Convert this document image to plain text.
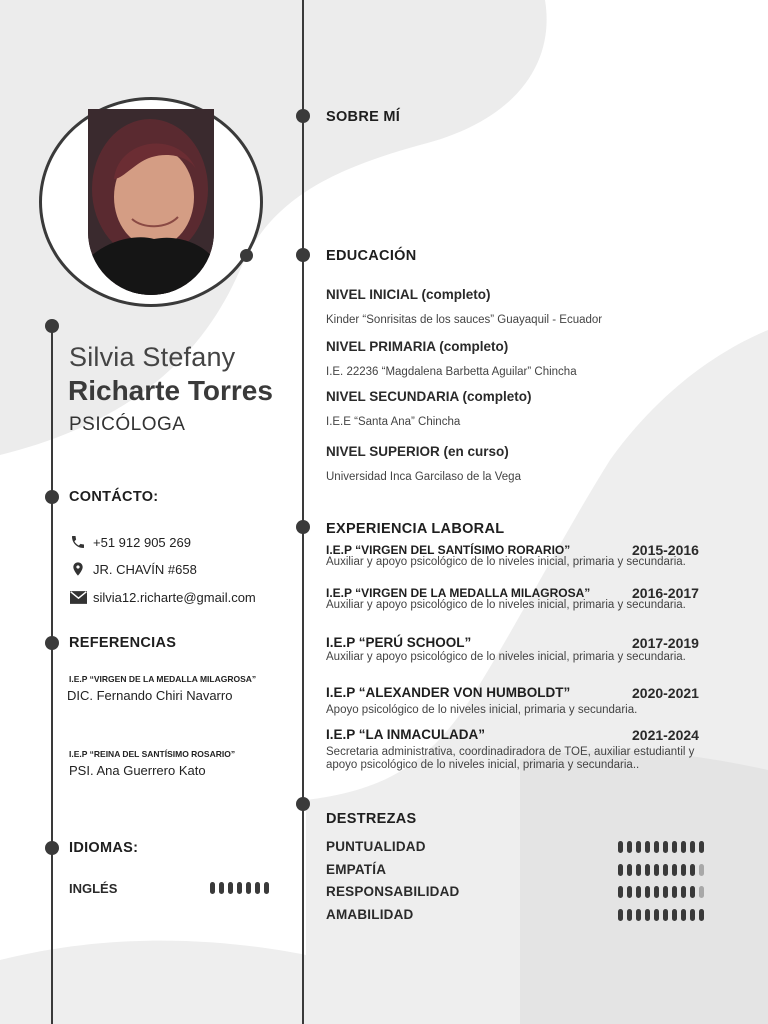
Silvia Stefany
Richarte Torres
PSICÓLOGA
CONTÁCTO:
+51 912 905 269
JR. CHAVÍN #658
silvia12.richarte@gmail.com
REFERENCIAS
I.E.P “VIRGEN DE LA MEDALLA MILAGROSA”
DIC. Fernando Chiri Navarro
I.E.P “REINA DEL SANTÍSIMO ROSARIO”
PSI. Ana Guerrero Kato
IDIOMAS:
INGLÉS
SOBRE MÍ
EDUCACIÓN
NIVEL INICIAL (completo)
Kinder “Sonrisitas de los sauces” Guayaquil - Ecuador
NIVEL PRIMARIA (completo)
I.E. 22236 “Magdalena Barbetta Aguilar” Chincha
NIVEL SECUNDARIA (completo)
I.E.E “Santa Ana” Chincha
NIVEL SUPERIOR (en curso)
Universidad Inca Garcilaso de la Vega
EXPERIENCIA LABORAL
I.E.P “VIRGEN DEL SANTÍSIMO RORARIO”	2015-2016
Auxiliar y apoyo psicológico de lo niveles inicial, primaria y secundaria.
I.E.P “VIRGEN DE LA MEDALLA MILAGROSA”	2016-2017
Auxiliar y apoyo psicológico de lo niveles inicial, primaria y secundaria.
I.E.P “PERÚ SCHOOL”	2017-2019
Auxiliar y apoyo psicológico de lo niveles inicial, primaria y secundaria.
I.E.P “ALEXANDER VON HUMBOLDT”	2020-2021
Apoyo psicológico de lo niveles inicial, primaria y secundaria.
I.E.P “LA INMACULADA”	2021-2024
Secretaria administrativa, coordinadiradora de TOE, auxiliar estudiantil y apoyo psicológico de lo niveles inicial, primaria y secundaria..
DESTREZAS
PUNTUALIDAD
EMPATÍA
RESPONSABILIDAD
AMABILIDAD
